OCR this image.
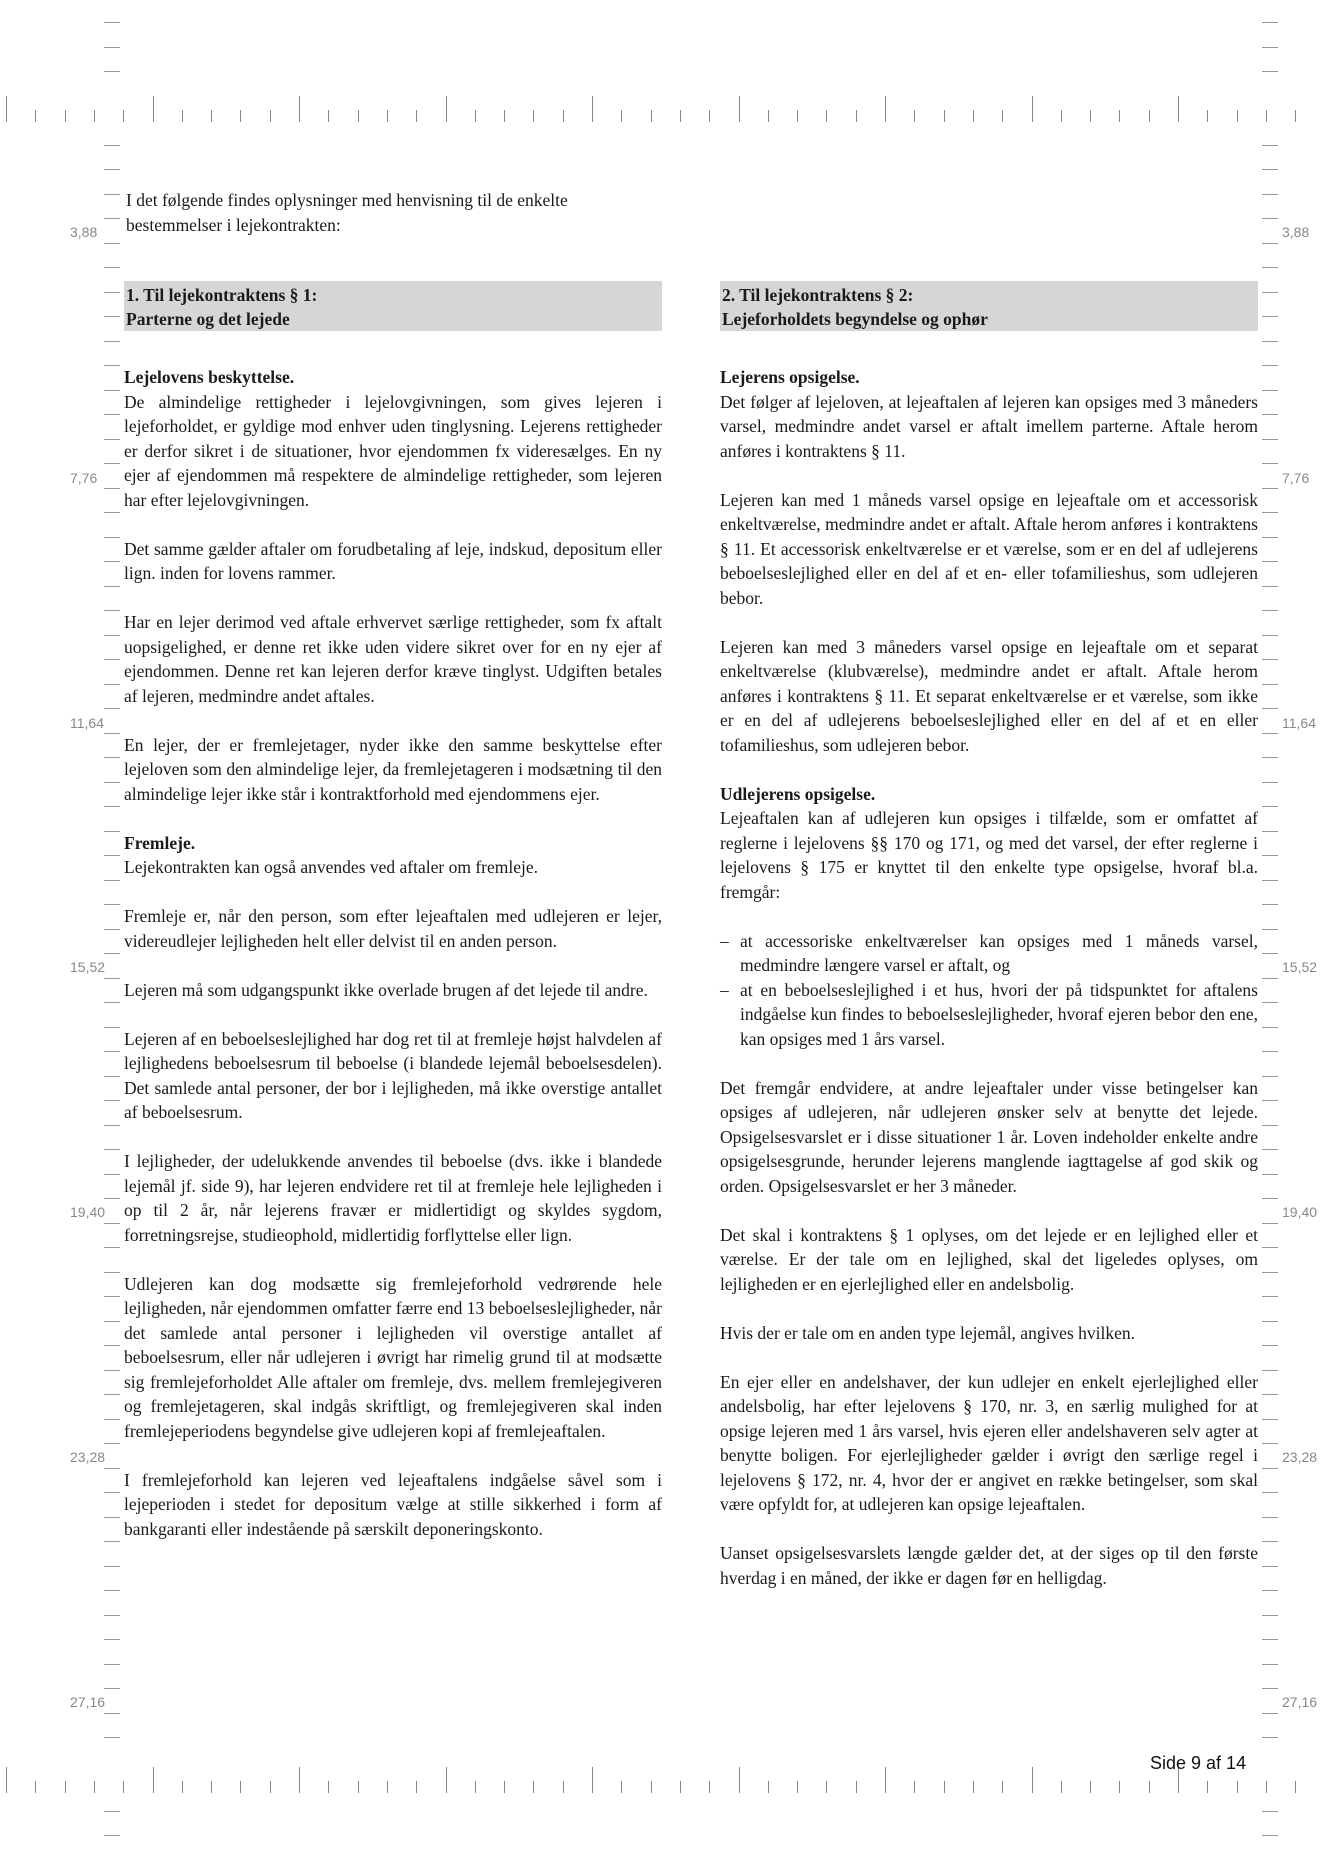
3,88	3,88
7,76	7,76
11,64	11,64
15,52	15,52
19,40	19,40
23,28	23,28
27,16	27,16
I det følgende findes oplysninger med henvisning til de enkelte bestemmelser i lejekontrakten:
1. Til lejekontraktens § 1:
Parterne og det lejede

Lejelovens beskyttelse.

De almindelige rettigheder i lejelovgivningen, som gives lejeren i lejeforholdet, er gyldige mod enhver uden tinglysning. Lejerens rettigheder er derfor sikret i de situationer, hvor ejendommen fx videresælges. En ny ejer af ejendommen må respektere de almindelige rettigheder, som lejeren har efter lejelovgivningen.

Det samme gælder aftaler om forudbetaling af leje, indskud, depositum eller lign. inden for lovens rammer.

Har en lejer derimod ved aftale erhvervet særlige rettigheder, som fx aftalt uopsigelighed, er denne ret ikke uden videre sikret over for en ny ejer af ejendommen. Denne ret kan lejeren derfor kræve tinglyst. Udgiften betales af lejeren, medmindre andet aftales.

En lejer, der er fremlejetager, nyder ikke den samme beskyttelse efter lejeloven som den almindelige lejer, da fremlejetageren i modsætning til den almindelige lejer ikke står i kontraktforhold med ejendommens ejer.

Fremleje.

Lejekontrakten kan også anvendes ved aftaler om fremleje.

Fremleje er, når den person, som efter lejeaftalen med udlejeren er lejer, videreudlejer lejligheden helt eller delvist til en anden person.

Lejeren må som udgangspunkt ikke overlade brugen af det lejede til andre.

Lejeren af en beboelseslejlighed har dog ret til at fremleje højst halvdelen af lejlighedens beboelsesrum til beboelse (i blandede lejemål beboelsesdelen). Det samlede antal personer, der bor i lejligheden, må ikke overstige antallet af beboelsesrum.

I lejligheder, der udelukkende anvendes til beboelse (dvs. ikke i blandede lejemål jf. side 9), har lejeren endvidere ret til at fremleje hele lejligheden i op til 2 år, når lejerens fravær er midlertidigt og skyldes sygdom, forretningsrejse, studieophold, midlertidig forflyttelse eller lign.

Udlejeren kan dog modsætte sig fremlejeforhold vedrørende hele lejligheden, når ejendommen omfatter færre end 13 beboelseslejligheder, når det samlede antal personer i lejligheden vil overstige antallet af beboelsesrum, eller når udlejeren i øvrigt har rimelig grund til at modsætte sig fremlejeforholdet Alle aftaler om fremleje, dvs. mellem fremlejegiveren og fremlejetageren, skal indgås skriftligt, og fremlejegiveren skal inden fremlejeperiodens begyndelse give udlejeren kopi af fremlejeaftalen.

I fremlejeforhold kan lejeren ved lejeaftalens indgåelse såvel som i lejeperioden i stedet for depositum vælge at stille sikkerhed i form af bankgaranti eller indestående på særskilt deponeringskonto.

2. Til lejekontraktens § 2:
Lejeforholdets begyndelse og ophør

Lejerens opsigelse.

Det følger af lejeloven, at lejeaftalen af lejeren kan opsiges med 3 måneders varsel, medmindre andet varsel er aftalt imellem parterne. Aftale herom anføres i kontraktens § 11.

Lejeren kan med 1 måneds varsel opsige en lejeaftale om et accessorisk enkeltværelse, medmindre andet er aftalt. Aftale herom anføres i kontraktens § 11. Et accessorisk enkeltværelse er et værelse, som er en del af udlejerens beboelseslejlighed eller en del af et en- eller tofamilieshus, som udlejeren bebor.

Lejeren kan med 3 måneders varsel opsige en lejeaftale om et separat enkeltværelse (klubværelse), medmindre andet er aftalt. Aftale herom anføres i kontraktens § 11. Et separat enkeltværelse er et værelse, som ikke er en del af udlejerens beboelseslejlighed eller en del af et en eller tofamilieshus, som udlejeren bebor.

Udlejerens opsigelse.

Lejeaftalen kan af udlejeren kun opsiges i tilfælde, som er omfattet af reglerne i lejelovens §§ 170 og 171, og med det varsel, der efter reglerne i lejelovens § 175 er knyttet til den enkelte type opsigelse, hvoraf bl.a. fremgår:

– at accessoriske enkeltværelser kan opsiges med 1 måneds varsel, medmindre længere varsel er aftalt, og
– at en beboelseslejlighed i et hus, hvori der på tidspunktet for aftalens indgåelse kun findes to beboelseslejligheder, hvoraf ejeren bebor den ene, kan opsiges med 1 års varsel.

Det fremgår endvidere, at andre lejeaftaler under visse betingelser kan opsiges af udlejeren, når udlejeren ønsker selv at benytte det lejede. Opsigelsesvarslet er i disse situationer 1 år. Loven indeholder enkelte andre opsigelsesgrunde, herunder lejerens manglende iagttagelse af god skik og orden. Opsigelsesvarslet er her 3 måneder.

Det skal i kontraktens § 1 oplyses, om det lejede er en lejlighed eller et værelse. Er der tale om en lejlighed, skal det ligeledes oplyses, om lejligheden er en ejerlejlighed eller en andelsbolig.

Hvis der er tale om en anden type lejemål, angives hvilken.

En ejer eller en andelshaver, der kun udlejer en enkelt ejerlejlighed eller andelsbolig, har efter lejelovens § 170, nr. 3, en særlig mulighed for at opsige lejeren med 1 års varsel, hvis ejeren eller andelshaveren selv agter at benytte boligen. For ejerlejligheder gælder i øvrigt den særlige regel i lejelovens § 172, nr. 4, hvor der er angivet en række betingelser, som skal være opfyldt for, at udlejeren kan opsige lejeaftalen.

Uanset opsigelsesvarslets længde gælder det, at der siges op til den første hverdag i en måned, der ikke er dagen før en helligdag.

Side 9 af 14
